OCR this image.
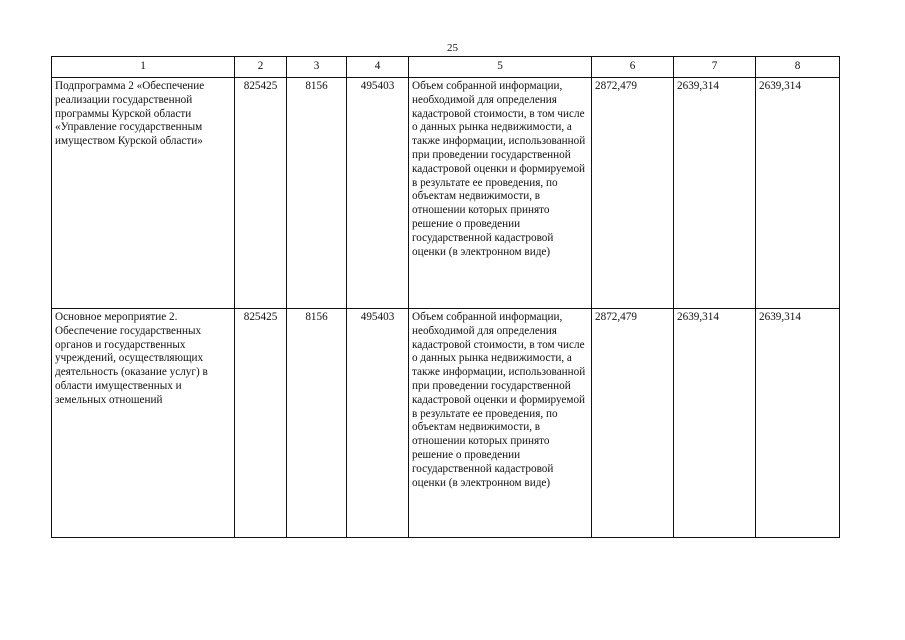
25
1	2	3	4	5	6	7	8
Подпрограмма 2 «Обеспечение реализации государственной программы Курской области «Управление государственным имуществом Курской области»	825425	8156	495403	Объем собранной информации, необходимой для определения кадастровой стоимости, в том числе о данных рынка недвижимости, а также информации, использованной при проведении государственной кадастровой оценки и формируемой в результате ее проведения, по объектам недвижимости, в отношении которых принято решение о проведении государственной кадастровой оценки (в электронном виде)	2872,479	2639,314	2639,314
Основное мероприятие 2. Обеспечение государственных органов и государственных учреждений, осуществляющих деятельность (оказание услуг) в области имущественных и земельных отношений	825425	8156	495403	Объем собранной информации, необходимой для определения кадастровой стоимости, в том числе о данных рынка недвижимости, а также информации, использованной при проведении государственной кадастровой оценки и формируемой в результате ее проведения, по объектам недвижимости, в отношении которых принято решение о проведении государственной кадастровой оценки (в электронном виде)	2872,479	2639,314	2639,314
